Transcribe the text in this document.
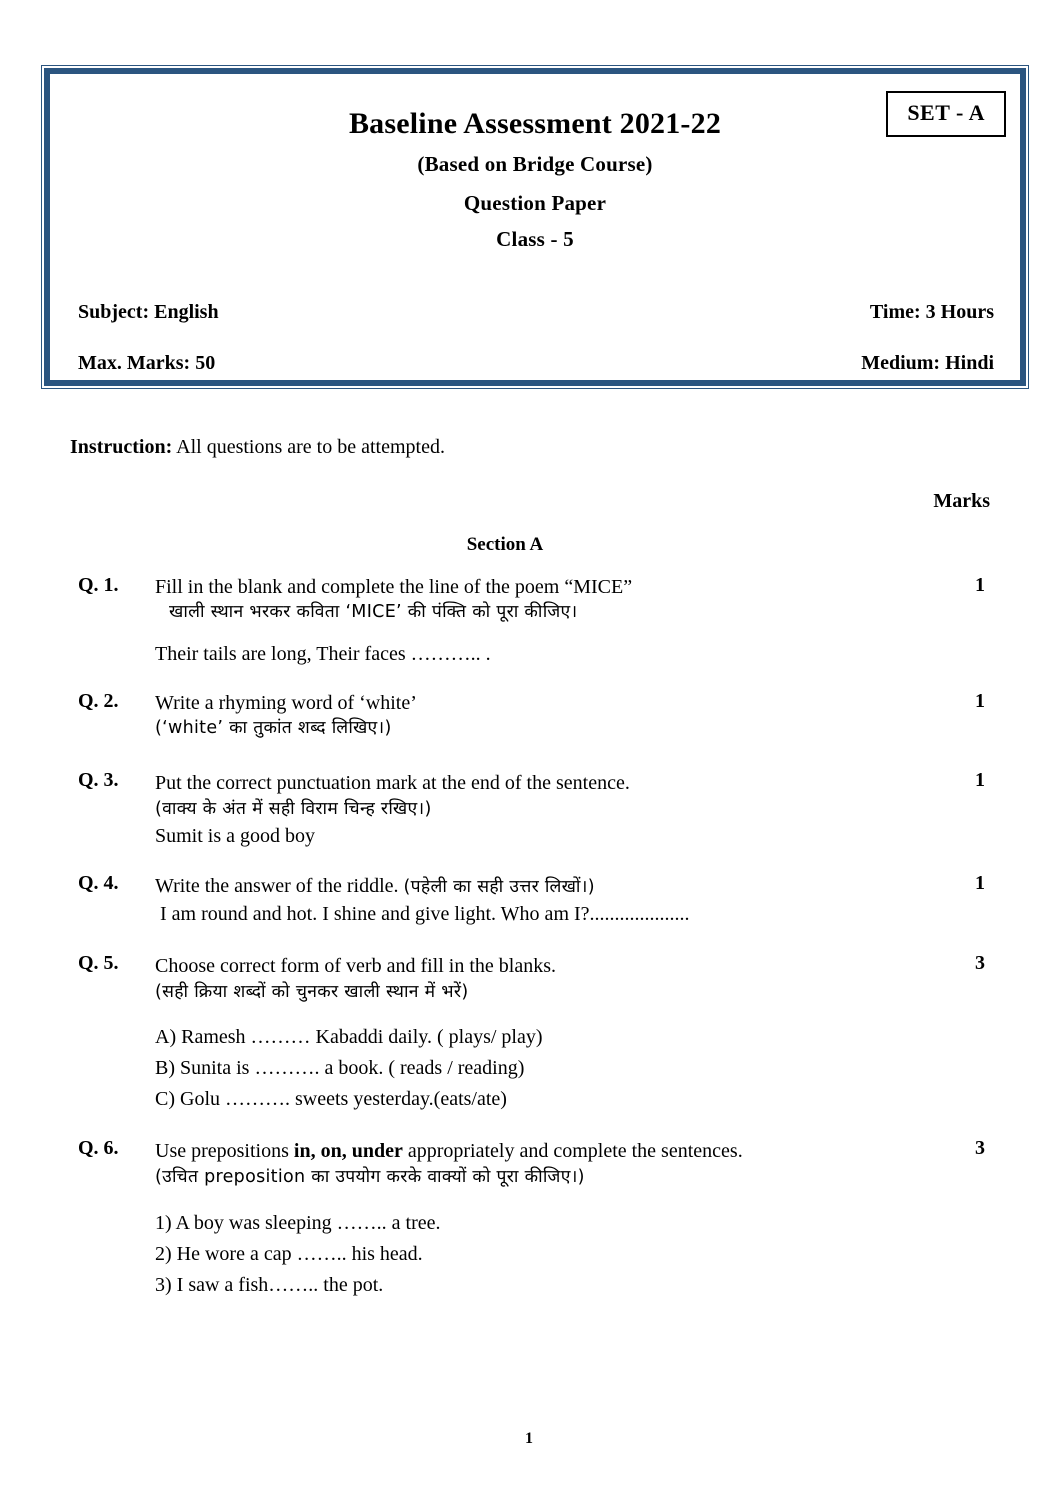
Baseline Assessment 2021-22
(Based on Bridge Course)
Question Paper
Class - 5
SET - A
Subject: English	Time: 3 Hours
Max. Marks: 50	Medium: Hindi
Instruction: All questions are to be attempted.
Marks
Section A
Q. 1.	1
Fill in the blank and complete the line of the poem “MICE”
खाली स्थान भरकर कविता ‘MICE’ की पंक्ति को पूरा कीजिए।
Their tails are long, Their faces ……….. .
Q. 2.	1
Write a rhyming word of ‘white’
(‘white’ का तुकांत शब्द लिखिए।)
Q. 3.	1
Put the correct punctuation mark at the end of the sentence.
(वाक्य के अंत में सही विराम चिन्ह रखिए।)
Sumit is a good boy
Q. 4.	1
Write the answer of the riddle. (पहेली का सही उत्तर लिखों।)
I am round and hot. I shine and give light. Who am I?....................
Q. 5.	3
Choose correct form of verb and fill in the blanks.
(सही क्रिया शब्दों को चुनकर खाली स्थान में भरें)
A) Ramesh ……… Kabaddi daily. ( plays/ play)
B) Sunita is ………. a book. ( reads / reading)
C) Golu ………. sweets yesterday.(eats/ate)
Q. 6.	3
Use prepositions in, on, under appropriately and complete the sentences.
(उचित preposition का उपयोग करके वाक्यों को पूरा कीजिए।)
1) A boy was sleeping …….. a tree.
2) He wore a cap …….. his head.
3) I saw a fish…….. the pot.
1
